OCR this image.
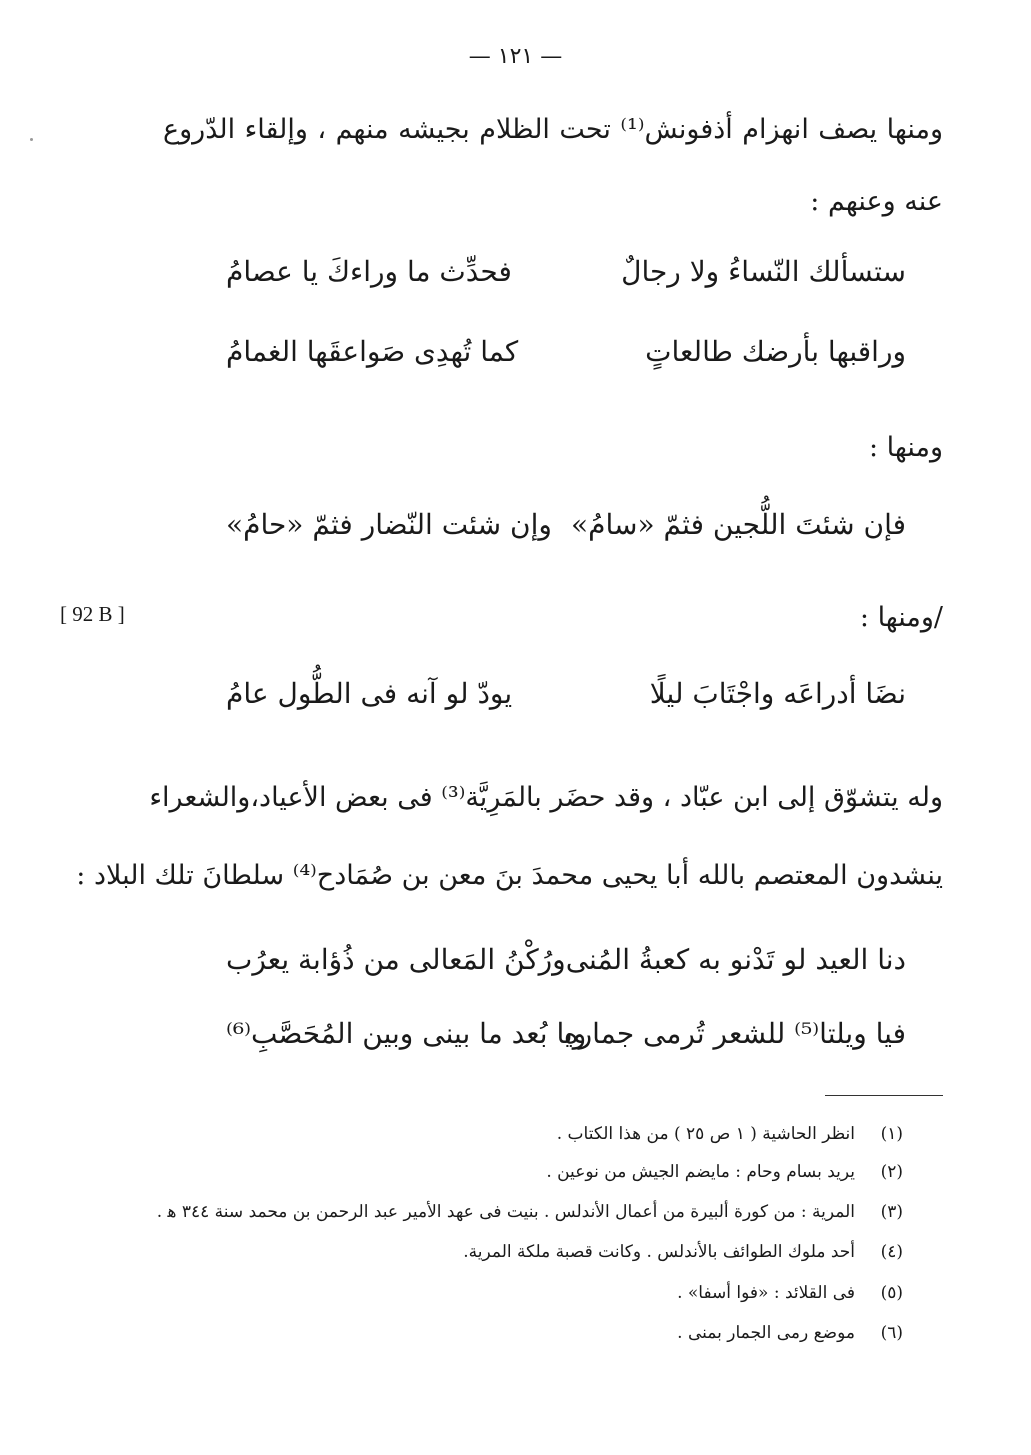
— ١٢١ —
ومنها يصف انهزام أذفونش⁽¹⁾ تحت الظلام بجيشه منهم ، وإلقاء الدّروع
عنه وعنهم :
ستسألك النّساءُ ولا رجالٌ
فحدِّث ما وراءكَ يا عصامُ
وراقبها بأرضك طالعاتٍ
كما تُهدِى صَواعقَها الغمامُ
ومنها :
فإن شئتَ اللُّجين فثمّ «سامُ»
وإن شئت النّضار فثمّ «حامُ»
[ 92 B ]	/ومنها :
نضَا أدراعَه واجْتَابَ ليلًا
يودّ لو آنه فى الطُّول عامُ
وله يتشوّق إلى ابن عبّاد ، وقد حضَر بالمَرِيَّة⁽³⁾ فى بعض الأعياد،والشعراء
ينشدون المعتصم بالله أبا يحيى محمدَ بنَ معن بن صُمَادح⁽⁴⁾ سلطانَ تلك البلاد :
دنا العيد لو تَدْنو به كعبةُ المُنى
ورُكْنُ المَعالى من ذُؤابة يعرُب
فيا ويلتا⁽⁵⁾ للشعر تُرمى جماره
ويا بُعد ما بينى وبين المُحَصَّبِ⁽⁶⁾
(١)انظر الحاشية ( ١ ص ٢٥ ) من هذا الكتاب .
(٢)يريد بسام وحام : مايضم الجيش من نوعين .
(٣)المرية : من كورة ألبيرة من أعمال الأندلس . بنيت فى عهد الأمير عبد الرحمن بن محمد سنة ٣٤٤ ﻫ .
(٤)أحد ملوك الطوائف بالأندلس . وكانت قصبة ملكة المرية.
(٥)فى القلائد : «فوا أسفا» .
(٦)موضع رمى الجمار بمنى .
